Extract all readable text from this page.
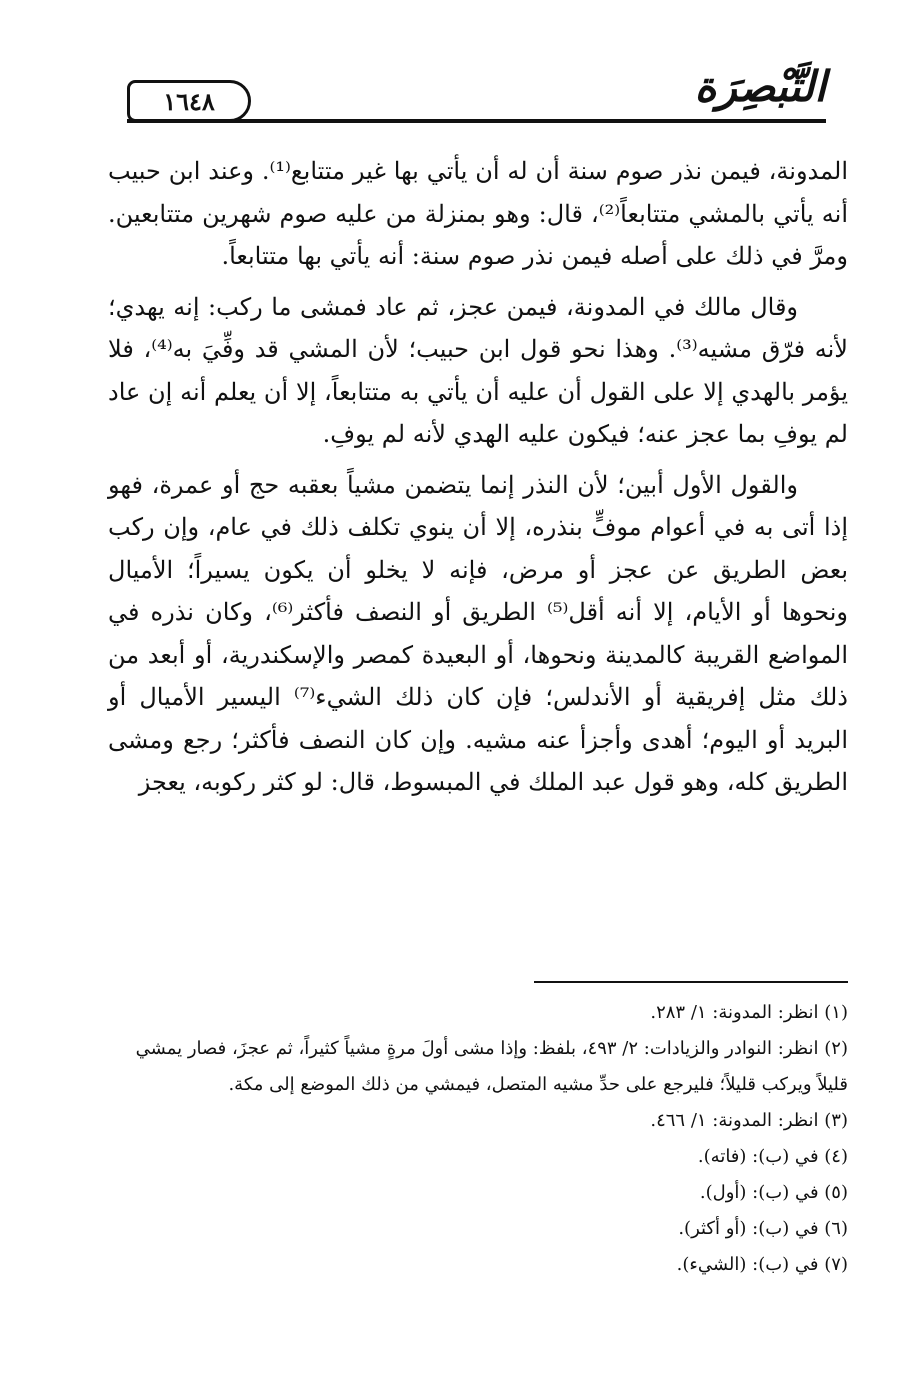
التَّبْصِرَة
١٦٤٨

المدونة، فيمن نذر صوم سنة أن له أن يأتي بها غير متتابع⁽¹⁾. وعند ابن حبيب أنه يأتي بالمشي متتابعاً⁽²⁾، قال: وهو بمنزلة من عليه صوم شهرين متتابعين. ومرَّ في ذلك على أصله فيمن نذر صوم سنة: أنه يأتي بها متتابعاً.

وقال مالك في المدونة، فيمن عجز، ثم عاد فمشى ما ركب: إنه يهدي؛ لأنه فرّق مشيه⁽³⁾. وهذا نحو قول ابن حبيب؛ لأن المشي قد وفِّيَ به⁽⁴⁾، فلا يؤمر بالهدي إلا على القول أن عليه أن يأتي به متتابعاً، إلا أن يعلم أنه إن عاد لم يوفِ بما عجز عنه؛ فيكون عليه الهدي لأنه لم يوفِ.

والقول الأول أبين؛ لأن النذر إنما يتضمن مشياً بعقبه حج أو عمرة، فهو إذا أتى به في أعوام موفٍّ بنذره، إلا أن ينوي تكلف ذلك في عام، وإن ركب بعض الطريق عن عجز أو مرض، فإنه لا يخلو أن يكون يسيراً؛ الأميال ونحوها أو الأيام، إلا أنه أقل⁽⁵⁾ الطريق أو النصف فأكثر⁽⁶⁾، وكان نذره في المواضع القريبة كالمدينة ونحوها، أو البعيدة كمصر والإسكندرية، أو أبعد من ذلك مثل إفريقية أو الأندلس؛ فإن كان ذلك الشيء⁽⁷⁾ اليسير الأميال أو البريد أو اليوم؛ أهدى وأجزأ عنه مشيه. وإن كان النصف فأكثر؛ رجع ومشى الطريق كله، وهو قول عبد الملك في المبسوط، قال: لو كثر ركوبه، يعجز

(١) انظر: المدونة: ١/ ٢٨٣.

(٢) انظر: النوادر والزيادات: ٢/ ٤٩٣، بلفظ: وإذا مشى أولَ مرةٍ مشياً كثيراً، ثم عجزَ، فصار يمشي قليلاً ويركب قليلاً؛ فليرجع على حدِّ مشيه المتصل، فيمشي من ذلك الموضع إلى مكة.

(٣) انظر: المدونة: ١/ ٤٦٦.

(٤) في (ب): (فاته).

(٥) في (ب): (أول).

(٦) في (ب): (أو أكثر).

(٧) في (ب): (الشيء).
